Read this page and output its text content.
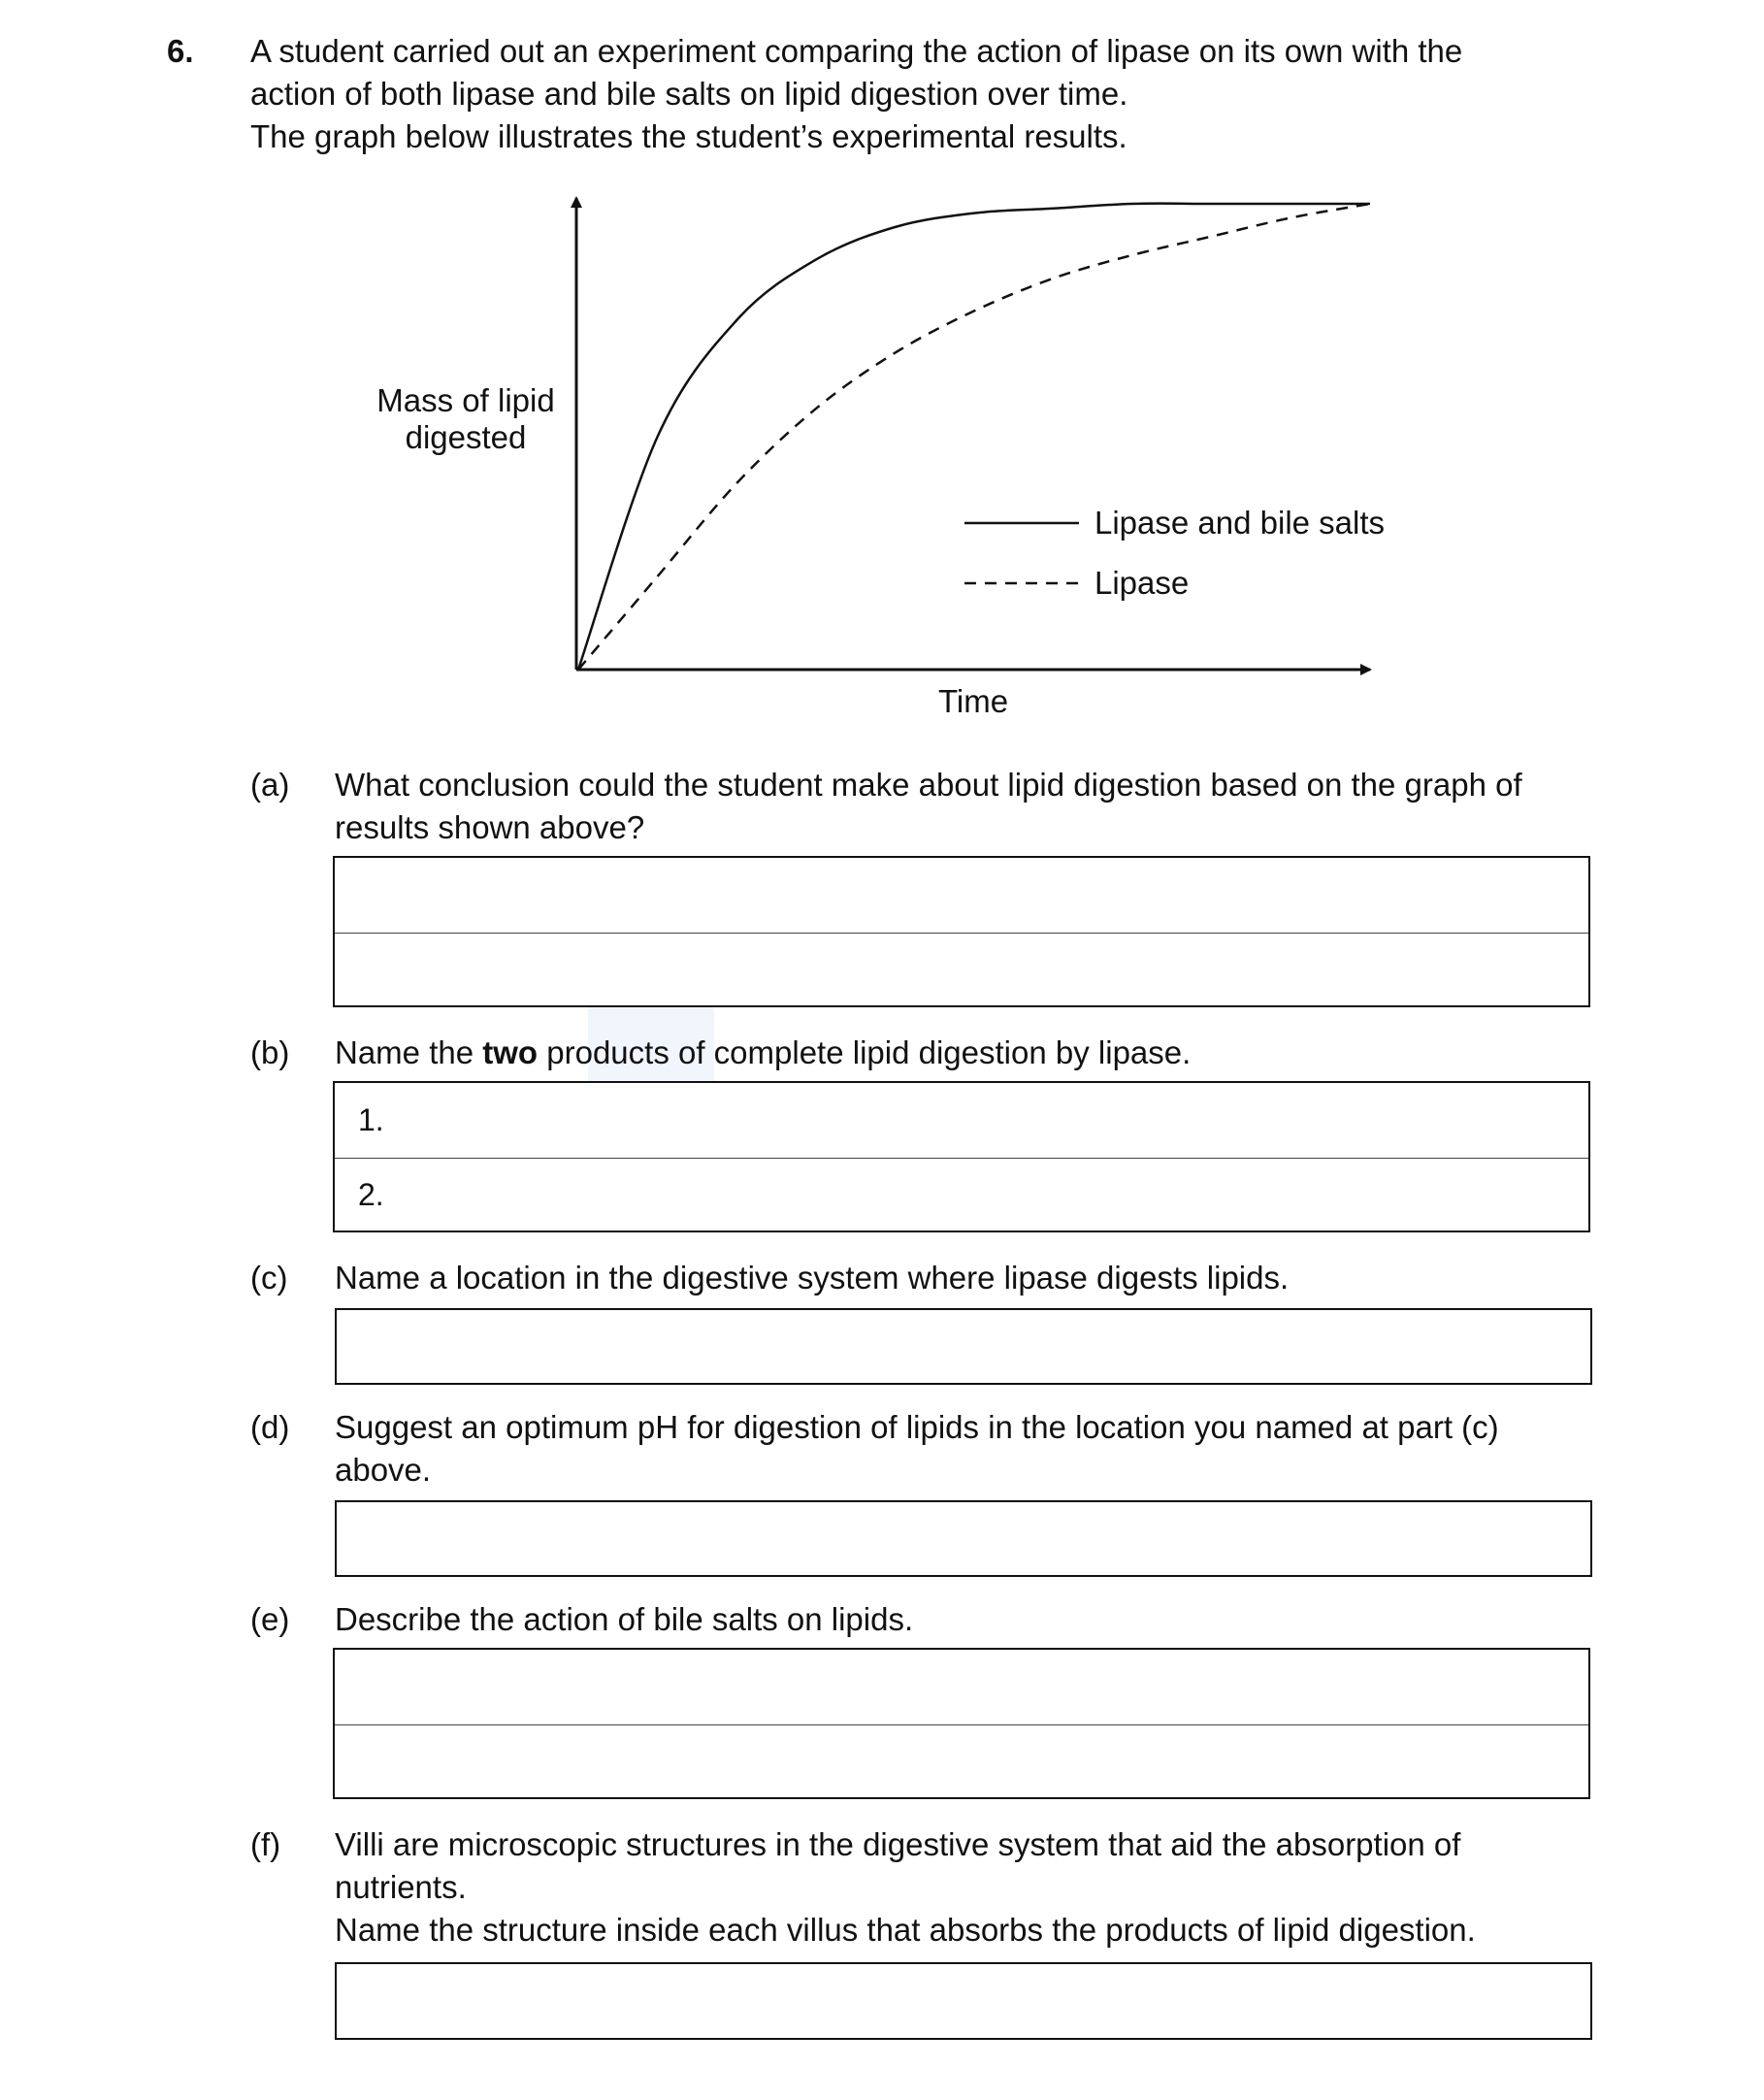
6. A student carried out an experiment comparing the action of lipase on its own with the
action of both lipase and bile salts on lipid digestion over time.
The graph below illustrates the student’s experimental results.
Mass of lipid
digested
Time
Lipase and bile salts
Lipase
(a) What conclusion could the student make about lipid digestion based on the graph of
results shown above?
(b) Name the two products of complete lipid digestion by lipase.
1.
2.
(c) Name a location in the digestive system where lipase digests lipids.
(d) Suggest an optimum pH for digestion of lipids in the location you named at part (c)
above.
(e) Describe the action of bile salts on lipids.
(f) Villi are microscopic structures in the digestive system that aid the absorption of
nutrients.
Name the structure inside each villus that absorbs the products of lipid digestion.
